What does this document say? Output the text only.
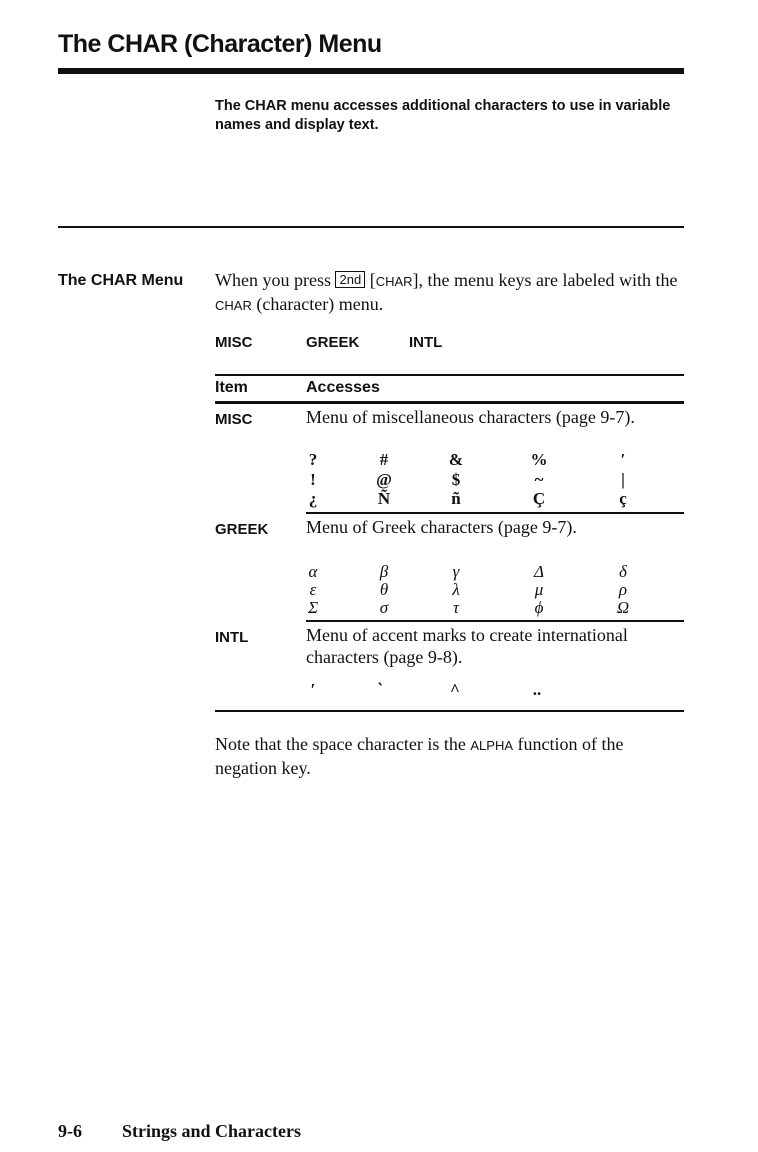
The CHAR (Character) Menu
The CHAR menu accesses additional characters to use in variable names and display text.
The CHAR Menu When you press 2nd [CHAR], the menu keys are labeled with the CHAR (character) menu.
MISC	GREEK	INTL
Item	Accesses
MISC	Menu of miscellaneous characters (page 9-7).
?	#	&	%	′
!	@	$	~	|
¿	Ñ	ñ	Ç	ç
GREEK Menu of Greek characters (page 9-7).
α	β	γ	Δ	δ
ε	θ	λ	μ	ρ
Σ	σ	τ	ϕ	Ω
INTL	Menu of accent marks to create international
characters (page 9-8).
′	‵	^	..
Note that the space character is the ALPHA function of the negation key.
9-6 Strings and Characters
